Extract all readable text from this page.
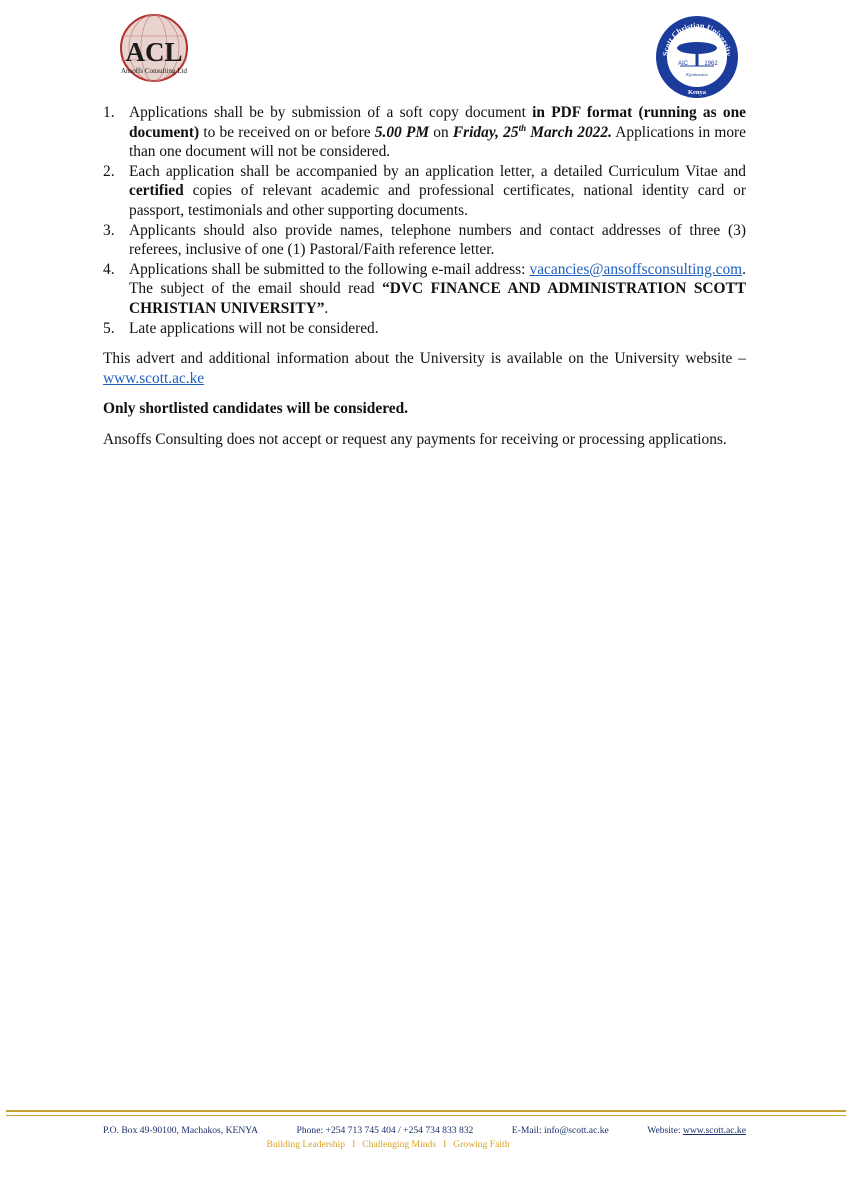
ACL
Ansoffs Consulting Ltd
Scott Christian University
AIC	1962
Kijabeusitto
Kenya
1. Applications shall be by submission of a soft copy document in PDF format (running as one document) to be received on or before 5.00 PM on Friday, 25th March 2022. Applications in more than one document will not be considered.
2. Each application shall be accompanied by an application letter, a detailed Curriculum Vitae and certified copies of relevant academic and professional certificates, national identity card or passport, testimonials and other supporting documents.
3. Applicants should also provide names, telephone numbers and contact addresses of three (3) referees, inclusive of one (1) Pastoral/Faith reference letter.
4. Applications shall be submitted to the following e-mail address: vacancies@ansoffsconsulting.com. The subject of the email should read “DVC FINANCE AND ADMINISTRATION SCOTT CHRISTIAN UNIVERSITY”.
5. Late applications will not be considered.

This advert and additional information about the University is available on the University website – www.scott.ac.ke

Only shortlisted candidates will be considered.

Ansoffs Consulting does not accept or request any payments for receiving or processing applications.

P.O. Box 49-90100, Machakos, KENYA	Phone: +254 713 745 404 / +254 734 833 832	E-Mail: info@scott.ac.ke	Website: www.scott.ac.ke
Building Leadership I Challenging Minds I Growing Faith
